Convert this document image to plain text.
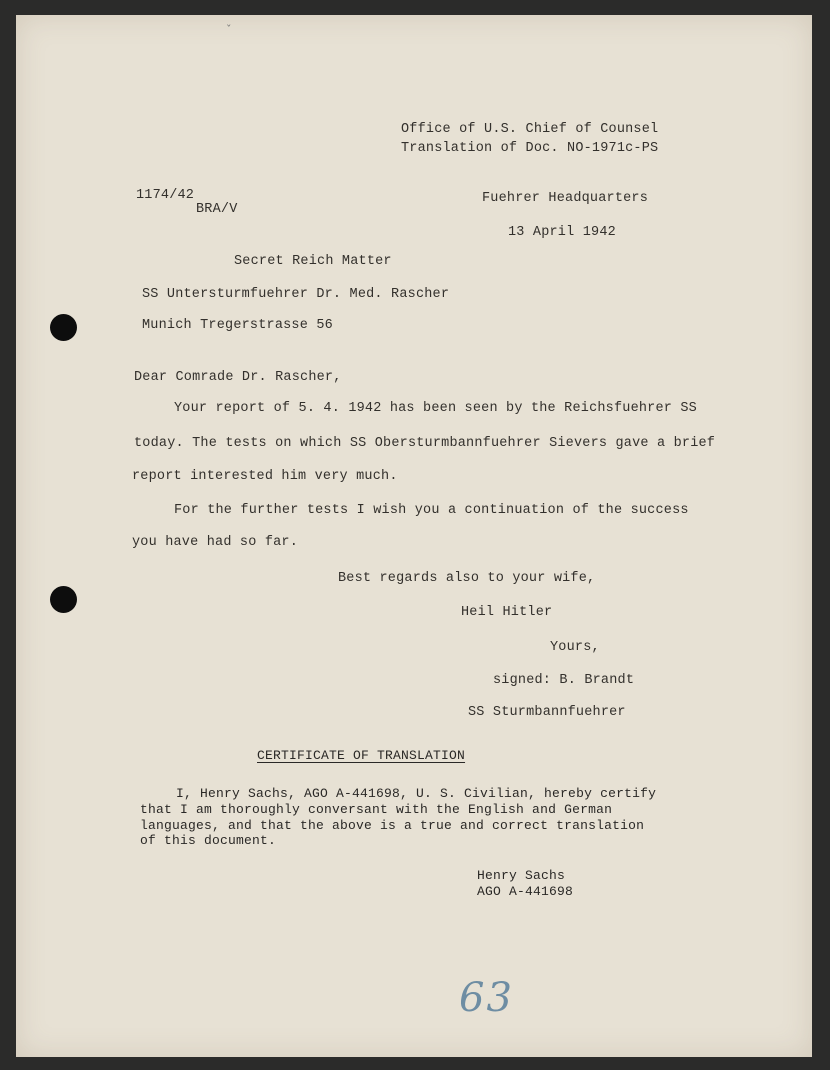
ˇ
Office of U.S. Chief of Counsel
Translation of Doc. NO-1971c-PS
1174/42
BRA/V
Fuehrer Headquarters
13 April 1942
Secret Reich Matter
SS Untersturmfuehrer Dr. Med. Rascher
Munich Tregerstrasse 56
Dear Comrade Dr. Rascher,
Your report of 5. 4. 1942 has been seen by the Reichsfuehrer SS
today. The tests on which SS Obersturmbannfuehrer Sievers gave a brief
report interested him very much.
For the further tests I wish you a continuation of the success
you have had so far.
Best regards also to your wife,
Heil Hitler
Yours,
signed: B. Brandt
SS Sturmbannfuehrer
CERTIFICATE OF TRANSLATION
I, Henry Sachs, AGO A-441698, U. S. Civilian, hereby certify
that I am thoroughly conversant with the English and German
languages, and that the above is a true and correct translation
of this document.
Henry Sachs
AGO A-441698
63
